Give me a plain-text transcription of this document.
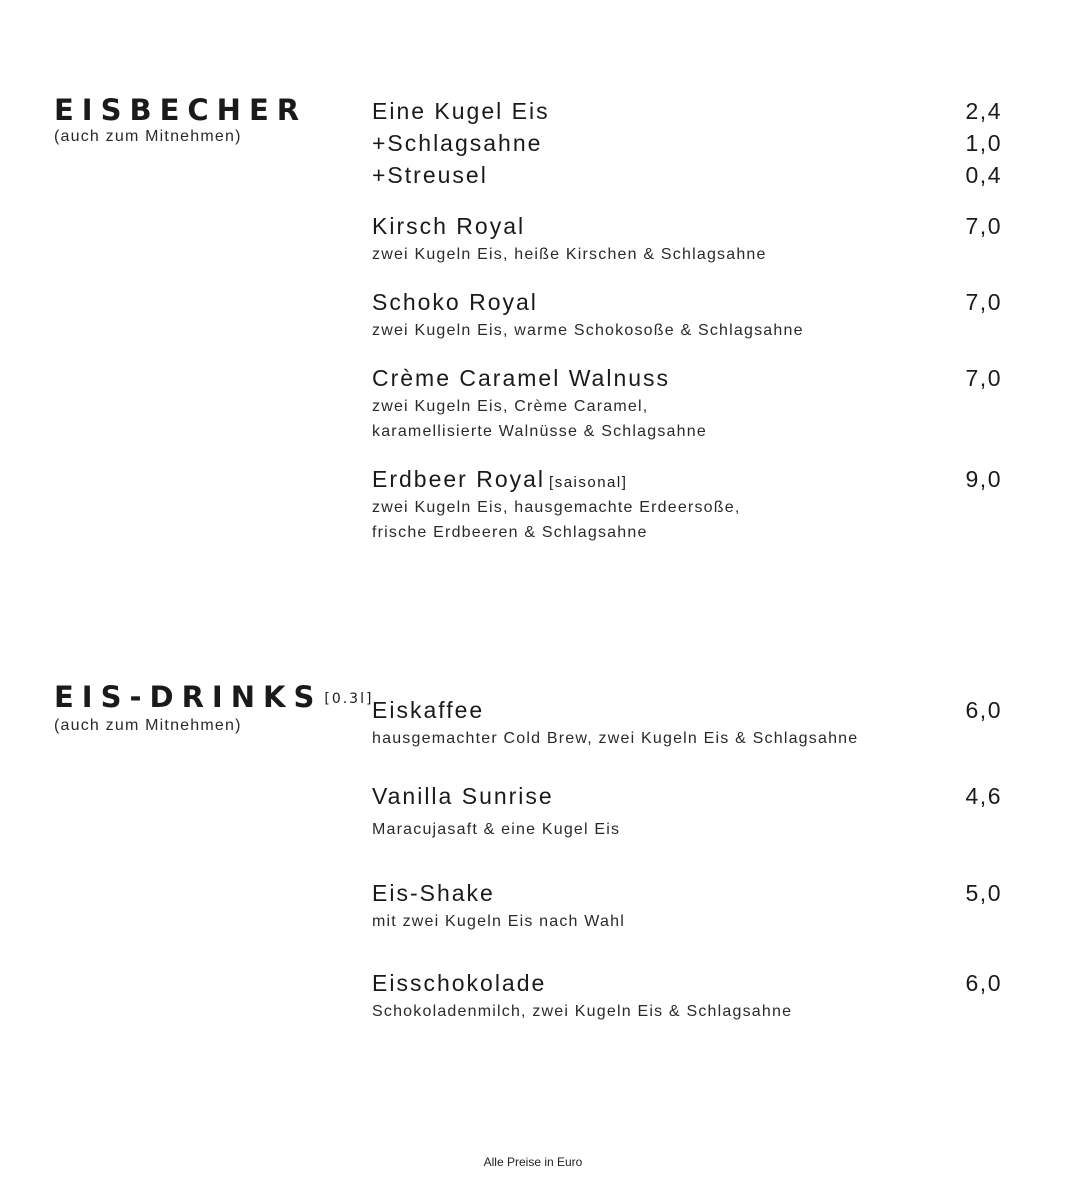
EISBECHER
(auch zum Mitnehmen)
Eine Kugel Eis	2,4
+Schlagsahne	1,0
+Streusel	0,4
Kirsch Royal	7,0
zwei Kugeln Eis, heiße Kirschen & Schlagsahne
Schoko Royal	7,0
zwei Kugeln Eis, warme Schokosoße & Schlagsahne
Crème Caramel Walnuss	7,0
zwei Kugeln Eis, Crème Caramel,
karamellisierte Walnüsse & Schlagsahne
Erdbeer Royal [saisonal]	9,0
zwei Kugeln Eis, hausgemachte Erdeersoße,
frische Erdbeeren & Schlagsahne
EIS-DRINKS [0.3l]
(auch zum Mitnehmen)
Eiskaffee	6,0
hausgemachter Cold Brew, zwei Kugeln Eis & Schlagsahne
Vanilla Sunrise	4,6
Maracujasaft & eine Kugel Eis
Eis-Shake	5,0
mit zwei Kugeln Eis nach Wahl
Eisschokolade	6,0
Schokoladenmilch, zwei Kugeln Eis & Schlagsahne
Alle Preise in Euro
